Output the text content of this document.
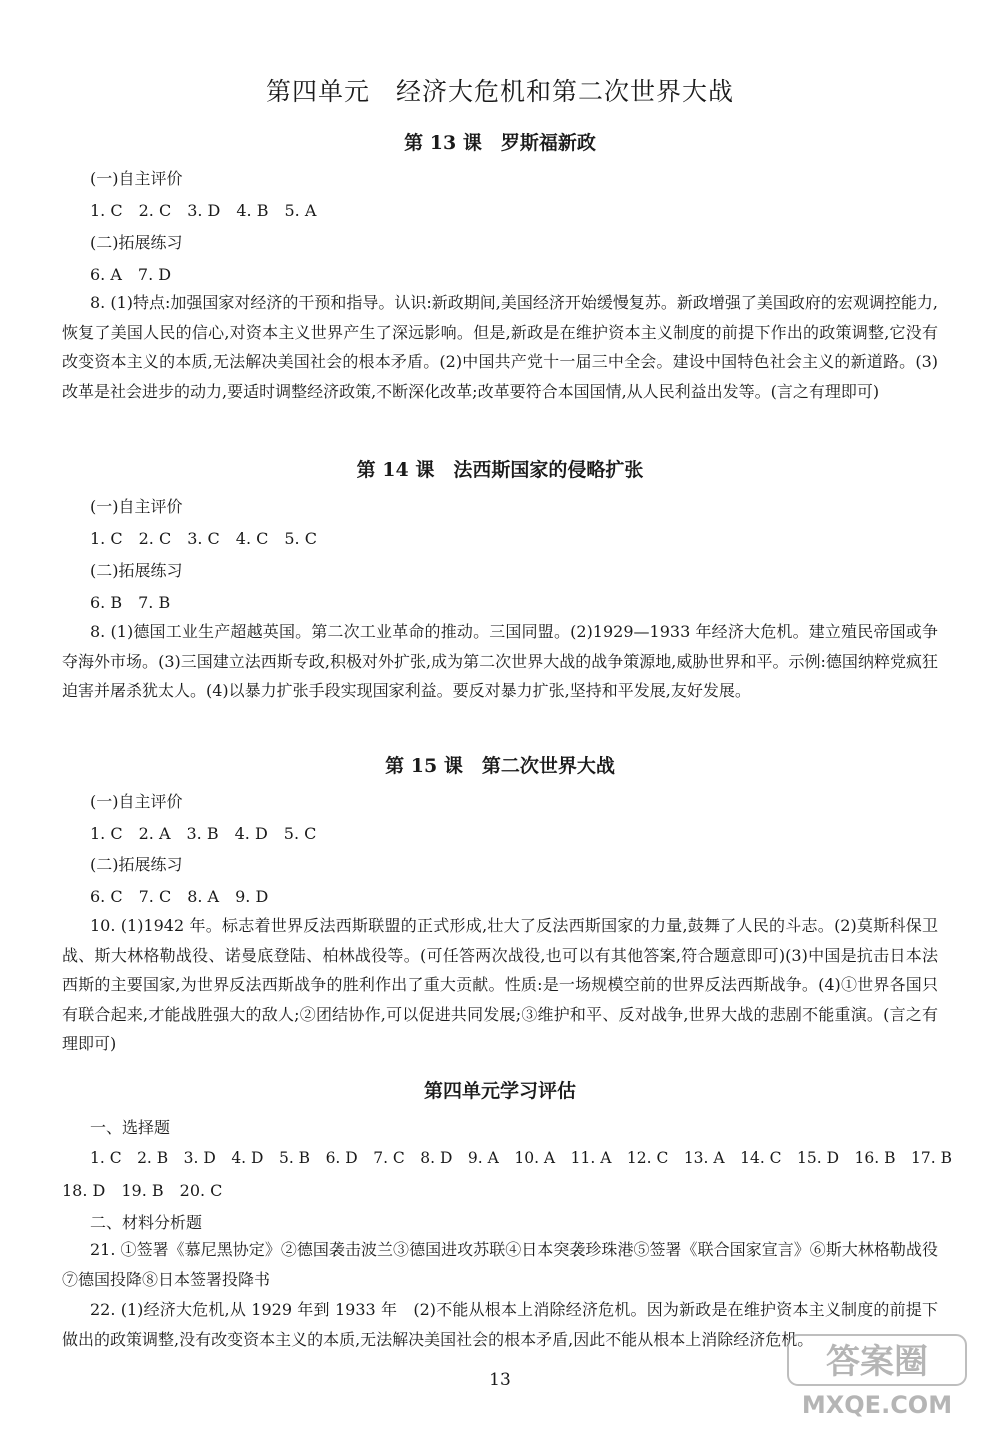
第四单元　经济大危机和第二次世界大战
第 13 课　罗斯福新政
(一)自主评价
1. C　2. C　3. D　4. B　5. A
(二)拓展练习
6. A　7. D
8. (1)特点:加强国家对经济的干预和指导。认识:新政期间,美国经济开始缓慢复苏。新政增强了美国政府的宏观调控能力,恢复了美国人民的信心,对资本主义世界产生了深远影响。但是,新政是在维护资本主义制度的前提下作出的政策调整,它没有改变资本主义的本质,无法解决美国社会的根本矛盾。(2)中国共产党十一届三中全会。建设中国特色社会主义的新道路。(3)改革是社会进步的动力,要适时调整经济政策,不断深化改革;改革要符合本国国情,从人民利益出发等。(言之有理即可)
第 14 课　法西斯国家的侵略扩张
(一)自主评价
1. C　2. C　3. C　4. C　5. C
(二)拓展练习
6. B　7. B
8. (1)德国工业生产超越英国。第二次工业革命的推动。三国同盟。(2)1929—1933 年经济大危机。建立殖民帝国或争夺海外市场。(3)三国建立法西斯专政,积极对外扩张,成为第二次世界大战的战争策源地,威胁世界和平。示例:德国纳粹党疯狂迫害并屠杀犹太人。(4)以暴力扩张手段实现国家利益。要反对暴力扩张,坚持和平发展,友好发展。
第 15 课　第二次世界大战
(一)自主评价
1. C　2. A　3. B　4. D　5. C
(二)拓展练习
6. C　7. C　8. A　9. D
10. (1)1942 年。标志着世界反法西斯联盟的正式形成,壮大了反法西斯国家的力量,鼓舞了人民的斗志。(2)莫斯科保卫战、斯大林格勒战役、诺曼底登陆、柏林战役等。(可任答两次战役,也可以有其他答案,符合题意即可)(3)中国是抗击日本法西斯的主要国家,为世界反法西斯战争的胜利作出了重大贡献。性质:是一场规模空前的世界反法西斯战争。(4)①世界各国只有联合起来,才能战胜强大的敌人;②团结协作,可以促进共同发展;③维护和平、反对战争,世界大战的悲剧不能重演。(言之有理即可)
第四单元学习评估
一、选择题
1. C　2. B　3. D　4. D　5. B　6. D　7. C　8. D　9. A　10. A　11. A　12. C　13. A　14. C　15. D　16. B　17. B
18. D　19. B　20. C
二、材料分析题
21. ①签署《慕尼黑协定》②德国袭击波兰③德国进攻苏联④日本突袭珍珠港⑤签署《联合国家宣言》⑥斯大林格勒战役⑦德国投降⑧日本签署投降书
22. (1)经济大危机,从 1929 年到 1933 年　(2)不能从根本上消除经济危机。因为新政是在维护资本主义制度的前提下做出的政策调整,没有改变资本主义的本质,无法解决美国社会的根本矛盾,因此不能从根本上消除经济危机。
13	答案圈
MXQE.COM
